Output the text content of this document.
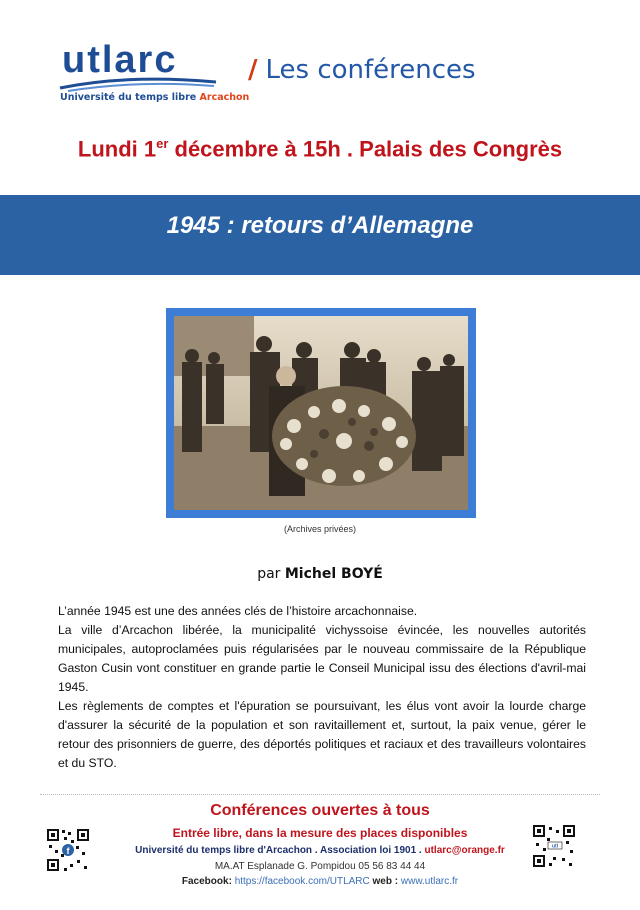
utlarc
Université du temps libre Arcachon
/ Les conférences
Lundi 1er décembre à 15h . Palais des Congrès
1945 : retours d’Allemagne
(Archives privées)
par Michel BOYÉ

L’année 1945 est une des années clés de l’histoire arcachonnaise.

La ville d’Arcachon libérée, la municipalité vichyssoise évincée, les nouvelles autorités municipales, autoproclamées puis régularisées par le nouveau commissaire de la République Gaston Cusin vont constituer en grande partie le Conseil Municipal issu des élections d'avril-mai 1945.

Les règlements de comptes et l'épuration se poursuivant, les élus vont avoir la lourde charge d'assurer la sécurité de la population et son ravitaillement et, surtout, la paix venue, gérer le retour des prisonniers de guerre, des déportés politiques et raciaux et des travailleurs volontaires et du STO.

f	utl
Conférences ouvertes à tous
Entrée libre, dans la mesure des places disponibles
Université du temps libre d'Arcachon . Association loi 1901 . utlarc@orange.fr
MA.AT Esplanade G. Pompidou 05 56 83 44 44
Facebook: https://facebook.com/UTLARC web : www.utlarc.fr
